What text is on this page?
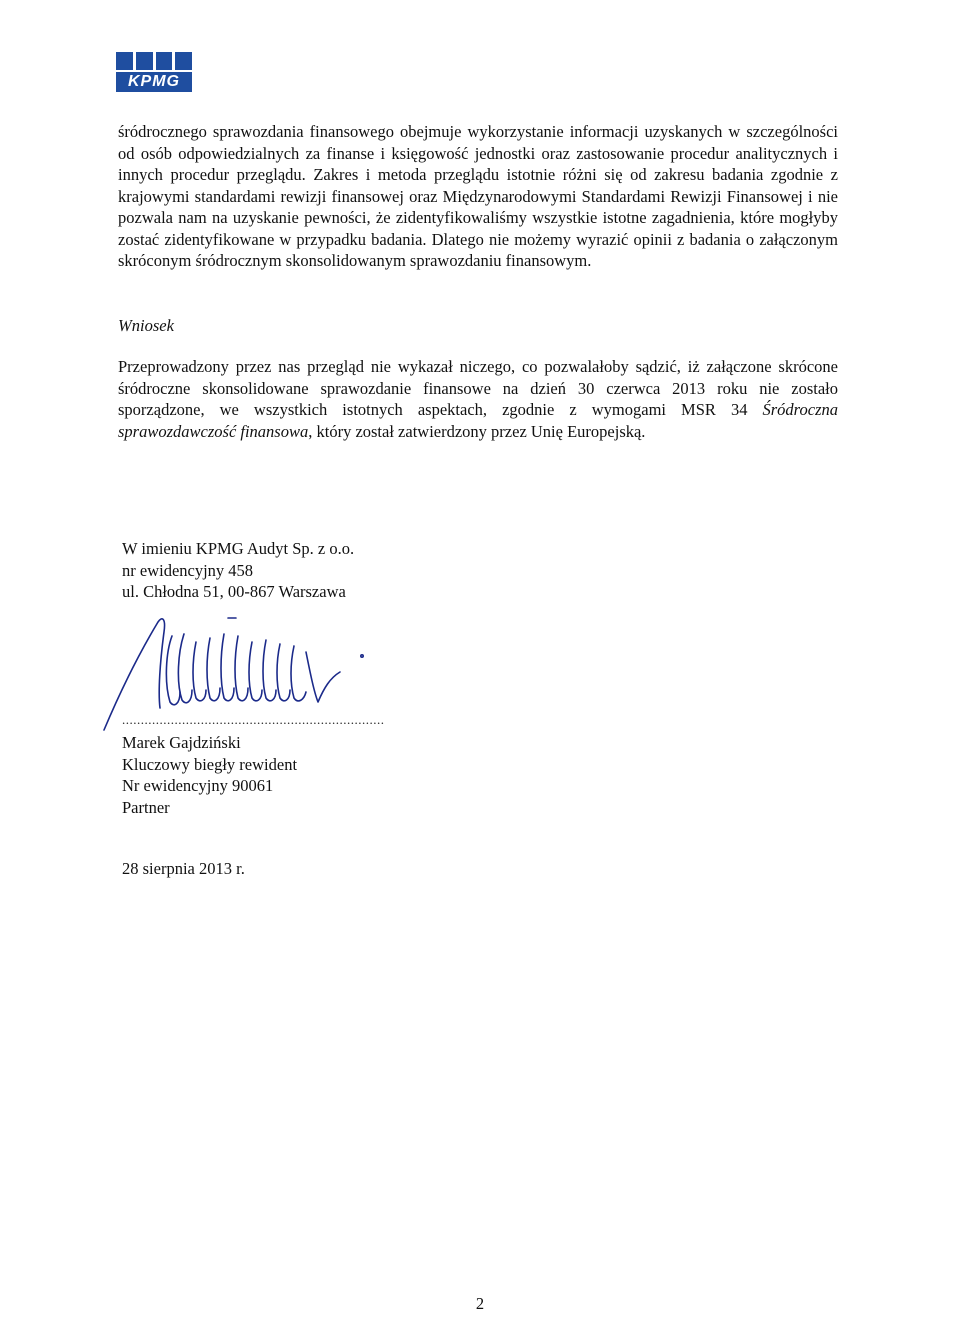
KPMG

śródrocznego sprawozdania finansowego obejmuje wykorzystanie informacji uzyskanych w szczególności od osób odpowiedzialnych za finanse i księgowość jednostki oraz zastosowanie procedur analitycznych i innych procedur przeglądu. Zakres i metoda przeglądu istotnie różni się od zakresu badania zgodnie z krajowymi standardami rewizji finansowej oraz Międzynarodowymi Standardami Rewizji Finansowej i nie pozwala nam na uzyskanie pewności, że zidentyfikowaliśmy wszystkie istotne zagadnienia, które mogłyby zostać zidentyfikowane w przypadku badania. Dlatego nie możemy wyrazić opinii z badania o załączonym skróconym śródrocznym skonsolidowanym sprawozdaniu finansowym.

Wniosek

Przeprowadzony przez nas przegląd nie wykazał niczego, co pozwalałoby sądzić, iż załączone skrócone śródroczne skonsolidowane sprawozdanie finansowe na dzień 30 czerwca 2013 roku nie zostało sporządzone, we wszystkich istotnych aspektach, zgodnie z wymogami MSR 34 Śródroczna sprawozdawczość finansowa, który został zatwierdzony przez Unię Europejską.

W imieniu KPMG Audyt Sp. z o.o.
nr ewidencyjny 458
ul. Chłodna 51, 00-867 Warszawa
......................................................................
Marek Gajdziński
Kluczowy biegły rewident
Nr ewidencyjny 90061
Partner
28 sierpnia 2013 r.
2
